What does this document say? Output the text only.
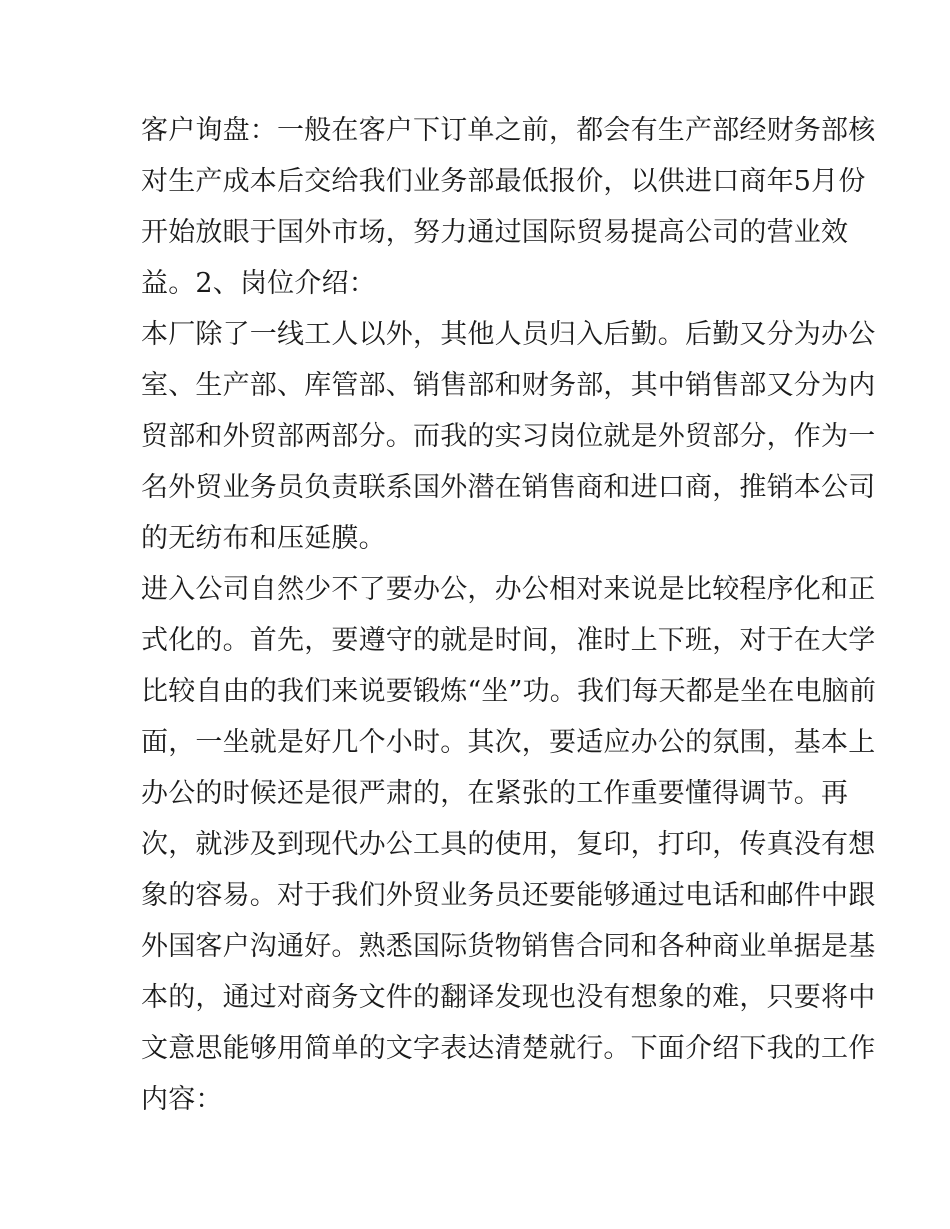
客户询盘：一般在客户下订单之前，都会有生产部经财务部核

对生产成本后交给我们业务部最低报价，以供进口商年5月份

开始放眼于国外市场，努力通过国际贸易提高公司的营业效

益。2、岗位介绍：

本厂除了一线工人以外，其他人员归入后勤。后勤又分为办公

室、生产部、库管部、销售部和财务部，其中销售部又分为内

贸部和外贸部两部分。而我的实习岗位就是外贸部分，作为一

名外贸业务员负责联系国外潜在销售商和进口商，推销本公司

的无纺布和压延膜。

进入公司自然少不了要办公，办公相对来说是比较程序化和正

式化的。首先，要遵守的就是时间，准时上下班，对于在大学

比较自由的我们来说要锻炼“坐”功。我们每天都是坐在电脑前

面，一坐就是好几个小时。其次，要适应办公的氛围，基本上

办公的时候还是很严肃的，在紧张的工作重要懂得调节。再

次，就涉及到现代办公工具的使用，复印，打印，传真没有想

象的容易。对于我们外贸业务员还要能够通过电话和邮件中跟

外国客户沟通好。熟悉国际货物销售合同和各种商业单据是基

本的，通过对商务文件的翻译发现也没有想象的难，只要将中

文意思能够用简单的文字表达清楚就行。下面介绍下我的工作

内容：
